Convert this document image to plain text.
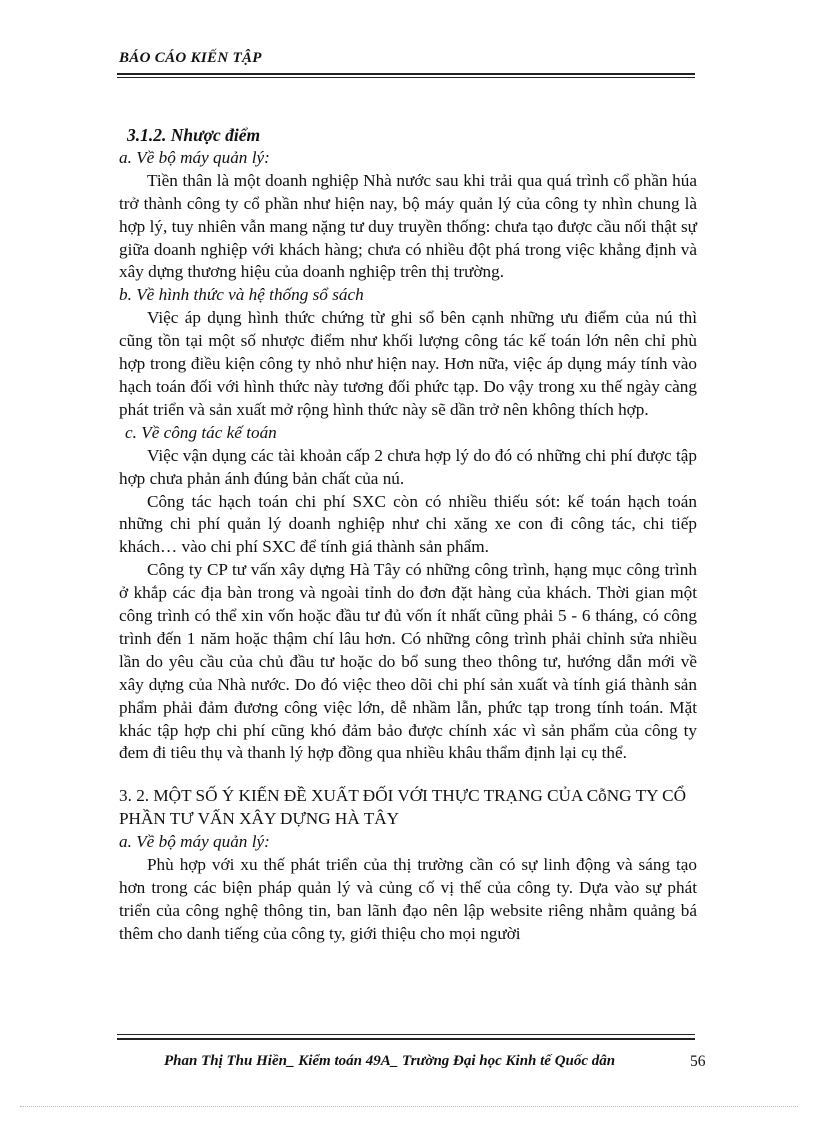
BÁO CÁO KIẾN TẬP

3.1.2. Nhược điểm

a. Về bộ máy quản lý:

Tiền thân là một doanh nghiệp Nhà nước sau khi trải qua quá trình cổ phần húa trở thành công ty cổ phần như hiện nay, bộ máy quản lý của công ty nhìn chung là hợp lý, tuy nhiên vẫn mang nặng tư duy truyền thống: chưa tạo được cầu nối thật sự giữa doanh nghiệp với khách hàng; chưa có nhiều đột phá trong việc khẳng định và xây dựng thương hiệu của doanh nghiệp trên thị trường.

b. Về hình thức và hệ thống sổ sách

Việc áp dụng hình thức chứng từ ghi sổ bên cạnh những ưu điểm của nú thì cũng tồn tại một số nhược điểm như khối lượng công tác kế toán lớn nên chỉ phù hợp trong điều kiện công ty nhỏ như hiện nay. Hơn nữa, việc áp dụng máy tính vào hạch toán đối với hình thức này tương đối phức tạp. Do vậy trong xu thế ngày càng phát triển và sản xuất mở rộng hình thức này sẽ dần trở nên không thích hợp.

c. Về công tác kế toán

Việc vận dụng các tài khoản cấp 2 chưa hợp lý do đó có những chi phí được tập hợp chưa phản ánh đúng bản chất của nú.

Công tác hạch toán chi phí SXC còn có nhiều thiếu sót: kế toán hạch toán những chi phí quản lý doanh nghiệp như chi xăng xe con đi công tác, chi tiếp khách… vào chi phí SXC để tính giá thành sản phẩm.

Công ty CP tư vấn xây dựng Hà Tây có những công trình, hạng mục công trình ở khắp các địa bàn trong và ngoài tỉnh do đơn đặt hàng của khách. Thời gian một công trình có thể xin vốn hoặc đầu tư đủ vốn ít nhất cũng phải 5 - 6 tháng, có công trình đến 1 năm hoặc thậm chí lâu hơn. Có những công trình phải chỉnh sửa nhiều lần do yêu cầu của chủ đầu tư hoặc do bổ sung theo thông tư, hướng dẫn mới về xây dựng của Nhà nước. Do đó việc theo dõi chi phí sản xuất và tính giá thành sản phẩm phải đảm đương công việc lớn, dễ nhầm lẫn, phức tạp trong tính toán. Mặt khác tập hợp chi phí cũng khó đảm bảo được chính xác vì sản phẩm của công ty đem đi tiêu thụ và thanh lý hợp đồng qua nhiều khâu thẩm định lại cụ thể.

3. 2. MỘT SỐ Ý KIẾN ĐỀ XUẤT ĐỐI VỚI THỰC TRẠNG CỦA CỗNG TY CỔ PHẦN TƯ VẤN XÂY DỰNG HÀ TÂY

a. Về bộ máy quản lý:

Phù hợp với xu thế phát triển của thị trường cần có sự linh động và sáng tạo hơn trong các biện pháp quản lý và củng cố vị thế của công ty. Dựa vào sự phát triển của công nghệ thông tin, ban lãnh đạo nên lập website riêng nhằm quảng bá thêm cho danh tiếng của công ty, giới thiệu cho mọi người

Phan Thị Thu Hiền_ Kiểm toán 49A_ Trường Đại học Kinh tế Quốc dân	56
